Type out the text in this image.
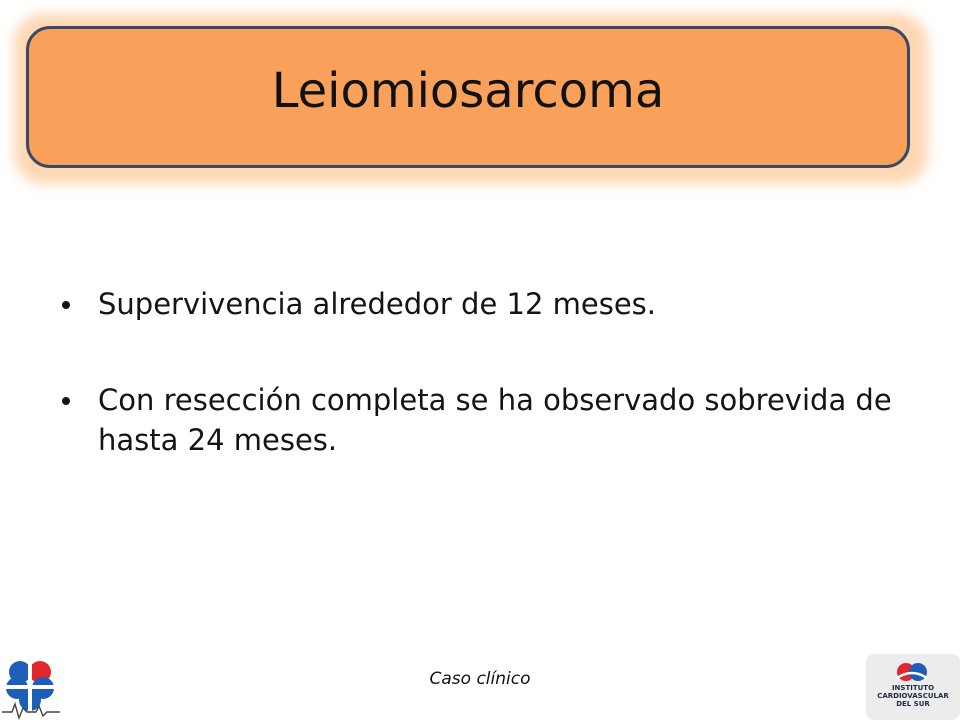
Leiomiosarcoma
Supervivencia alrededor de 12 meses.
Con resección completa se ha observado sobrevida de hasta 24 meses.
Caso clínico	INSTITUTO
CARDIOVASCULAR
DEL SUR
